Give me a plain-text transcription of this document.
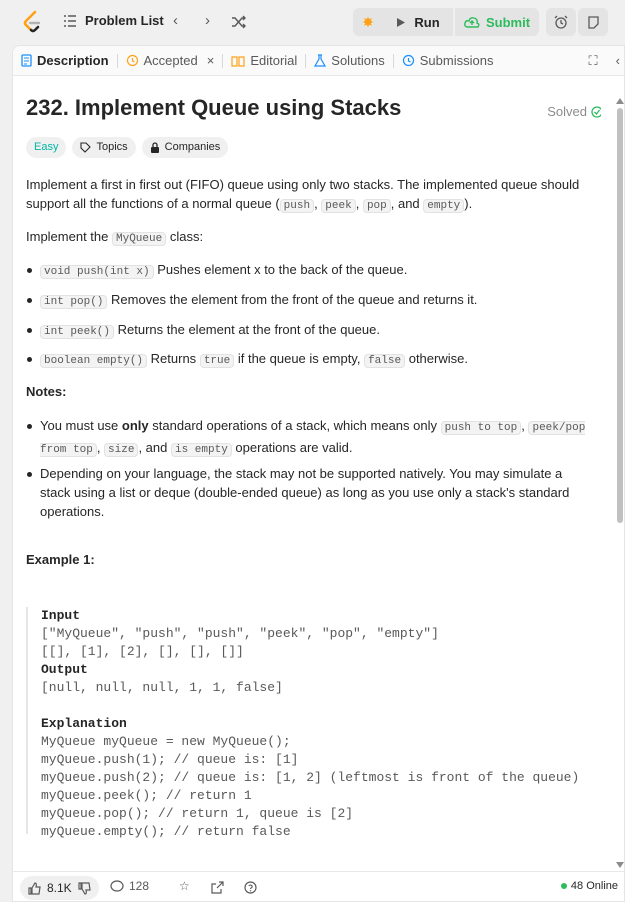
Problem List ‹ ›	✸	Run	Submit
Description	Accepted ×	Editorial	Solutions	Submissions	⛶ ‹
232. Implement Queue using Stacks	Solved
Easy	Topics	Companies
Implement a first in first out (FIFO) queue using only two stacks. The implemented queue should support all the functions of a normal queue ( push , peek , pop , and empty ).
Implement the MyQueue class:
void push(int x) Pushes element x to the back of the queue.
int pop() Removes the element from the front of the queue and returns it.
int peek() Returns the element at the front of the queue.
boolean empty() Returns true if the queue is empty, false otherwise.
Notes:
You must use only standard operations of a stack, which means only push to top , peek/pop from top , size , and is empty operations are valid.
Depending on your language, the stack may not be supported natively. You may simulate a stack using a list or deque (double-ended queue) as long as you use only a stack's standard operations.
Example 1:
Input
["MyQueue", "push", "push", "peek", "pop", "empty"]
[[], [1], [2], [], [], []]
Output
[null, null, null, 1, 1, false]

Explanation
MyQueue myQueue = new MyQueue();
myQueue.push(1); // queue is: [1]
myQueue.push(2); // queue is: [1, 2] (leftmost is front of the queue)
myQueue.peek(); // return 1
myQueue.pop(); // return 1, queue is [2]
myQueue.empty(); // return false
8.1K	128 ☆	48 Online
